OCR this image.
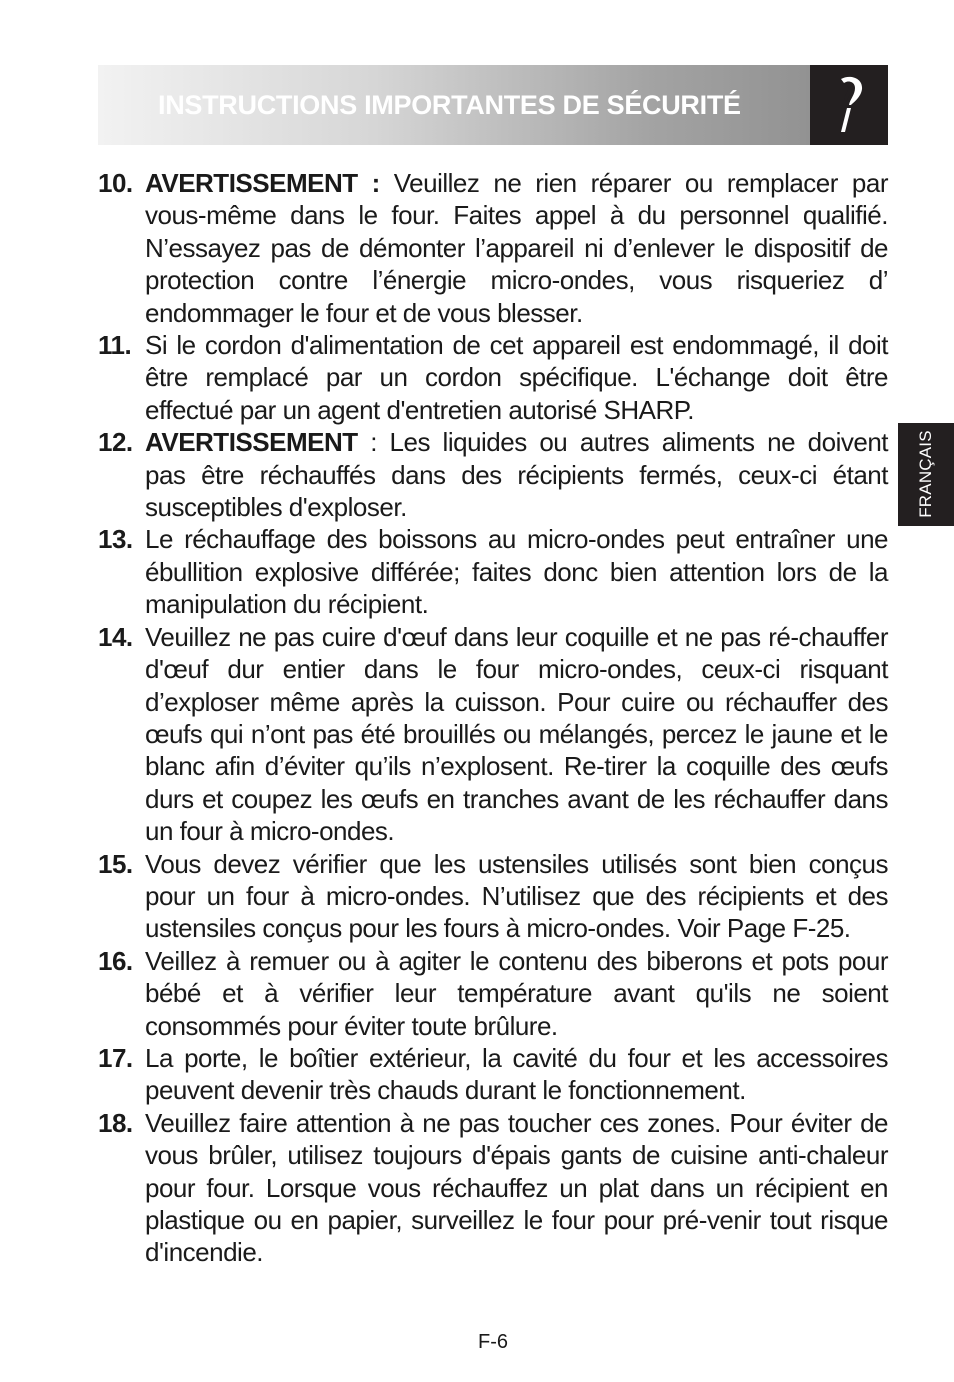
INSTRUCTIONS IMPORTANTES DE SÉCURITÉ
FRANÇAIS
10. AVERTISSEMENT : Veuillez ne rien réparer ou remplacer par vous-même dans le four. Faites appel à du personnel qualifié. N’essayez pas de démonter l’appareil ni d’enlever le dispositif de protection contre l’énergie micro-ondes, vous risqueriez d’ endommager le four et de vous blesser.
11. Si le cordon d'alimentation de cet appareil est endommagé, il doit être remplacé par un cordon spécifique. L'échange doit être effectué par un agent d'entretien autorisé SHARP.
12. AVERTISSEMENT : Les liquides ou autres aliments ne doivent pas être réchauffés dans des récipients fermés, ceux-ci étant susceptibles d'exploser.
13. Le réchauffage des boissons au micro-ondes peut entraîner une ébullition explosive différée; faites donc bien attention lors de la manipulation du récipient.
14. Veuillez ne pas cuire d'œuf dans leur coquille et ne pas ré-chauffer d'œuf dur entier dans le four micro-ondes, ceux-ci risquant d’exploser même après la cuisson. Pour cuire ou réchauffer des œufs qui n’ont pas été brouillés ou mélangés, percez le jaune et le blanc afin d’éviter qu’ils n’explosent. Re-tirer la coquille des œufs durs et coupez les œufs en tranches avant de les réchauffer dans un four à micro-ondes.
15. Vous devez vérifier que les ustensiles utilisés sont bien conçus pour un four à micro-ondes. N’utilisez que des récipients et des ustensiles conçus pour les fours à micro-ondes. Voir Page F-25.
16. Veillez à remuer ou à agiter le contenu des biberons et pots pour bébé et à vérifier leur température avant qu'ils ne soient consommés pour éviter toute brûlure.
17. La porte, le boîtier extérieur, la cavité du four et les accessoires peuvent devenir très chauds durant le fonctionnement.
18. Veuillez faire attention à ne pas toucher ces zones. Pour éviter de vous brûler, utilisez toujours d'épais gants de cuisine anti-chaleur pour four. Lorsque vous réchauffez un plat dans un récipient en plastique ou en papier, surveillez le four pour pré-venir tout risque d'incendie.
F-6
